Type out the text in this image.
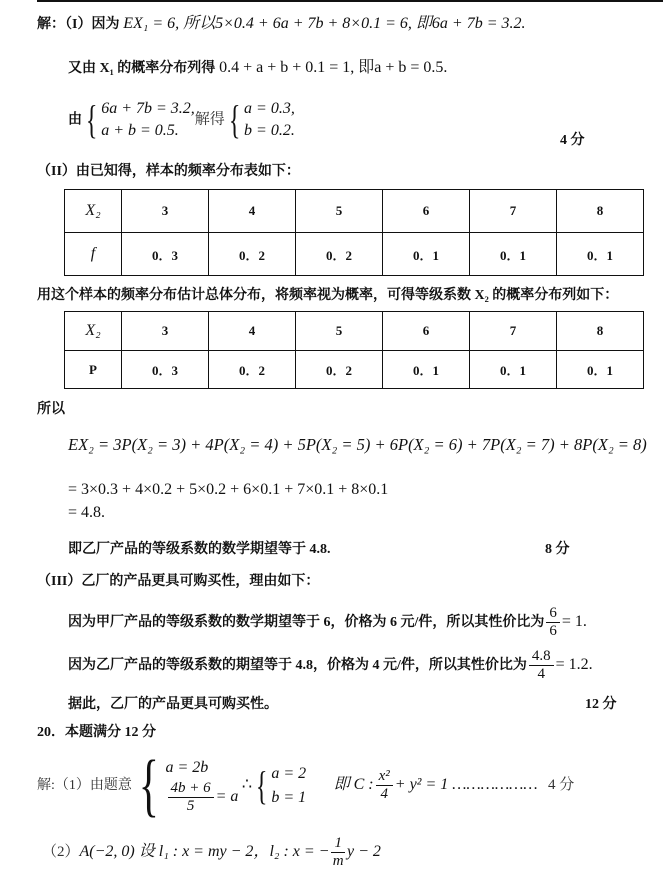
解：（I）因为 EX₁ = 6, 所以5×0.4 + 6a + 7b + 8×0.1 = 6, 即6a + 7b = 3.2.
又由 X₁ 的概率分布列得 0.4 + a + b + 0.1 = 1, 即a + b = 0.5.
由{ 6a + 7b = 3.2,
a + b = 0.5.
解得{ a = 0.3,
b = 0.2.
4 分
（II）由已知得，样本的频率分布表如下：
X₂	3	4	5	6	7	8
f	0．3	0．2	0．2	0．1	0．1	0．1
用这个样本的频率分布估计总体分布，将频率视为概率，可得等级系数 X₂ 的概率分布列如下：
X₂	3	4	5	6	7	8
P	0．3	0．2	0．2	0．1	0．1	0．1
所以
EX₂ = 3P(X₂ = 3) + 4P(X₂ = 4) + 5P(X₂ = 5) + 6P(X₂ = 6) + 7P(X₂ = 7) + 8P(X₂ = 8)
= 3×0.3 + 4×0.2 + 5×0.2 + 6×0.1 + 7×0.1 + 8×0.1
= 4.8.
即乙厂产品的等级系数的数学期望等于 4.8.	8 分
（III）乙厂的产品更具可购买性，理由如下：
因为甲厂产品的等级系数的数学期望等于 6，价格为 6 元/件，所以其性价比为 $\frac{6}{6} = 1$.
因为乙厂产品的等级系数的期望等于 4.8，价格为 4 元/件，所以其性价比为 $\frac{4.8}{4} = 1.2$.
据此，乙厂的产品更具可购买性。	12 分
20．本题满分 12 分
解:（1）由题意{ a = 2b
$\frac{4b + 6}{5} = a$
∴{ a = 2
b = 1
即 C : $\frac{\text{x²}}{4} + y^2 = 1$ ……………… 4 分
（2）A(−2, 0) 设 l₁ : x = my − 2，l₂ : x = − $\frac{1}{m}$ y − 2
